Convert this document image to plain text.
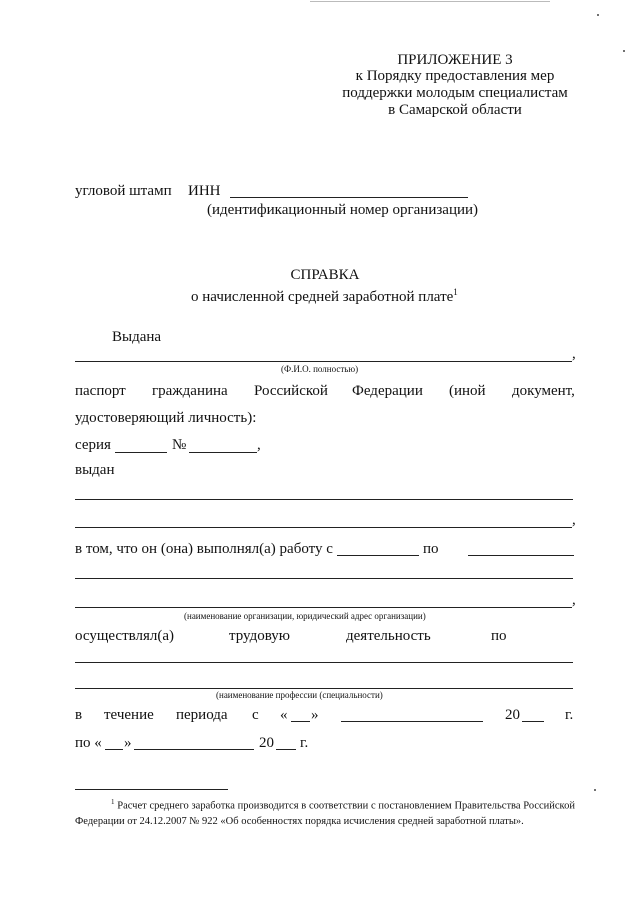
ПРИЛОЖЕНИЕ 3
к Порядку предоставления мер
поддержки молодым специалистам
в Самарской области
угловой штамп ИНН
(идентификационный номер организации)
СПРАВКА
о начисленной средней заработной плате$^1$
Выдана
,
(Ф.И.О. полностью)
паспорт гражданина Российской Федерации (иной документ,
удостоверяющий личность):
серия	№	,
выдан
,
в том, что он (она) выполнял(а) работу с	по
,
(наименование организации, юридический адрес организации)
осуществлял(а)	трудовую	деятельность	по
(наименование профессии (специальности)
в течение периода с « »	20	г.
по « »	20 г.
$^1$ Расчет среднего заработка производится в соответствии с постановлением Правительства Российской Федерации от 24.12.2007 № 922 «Об особенностях порядка исчисления средней заработной платы».
